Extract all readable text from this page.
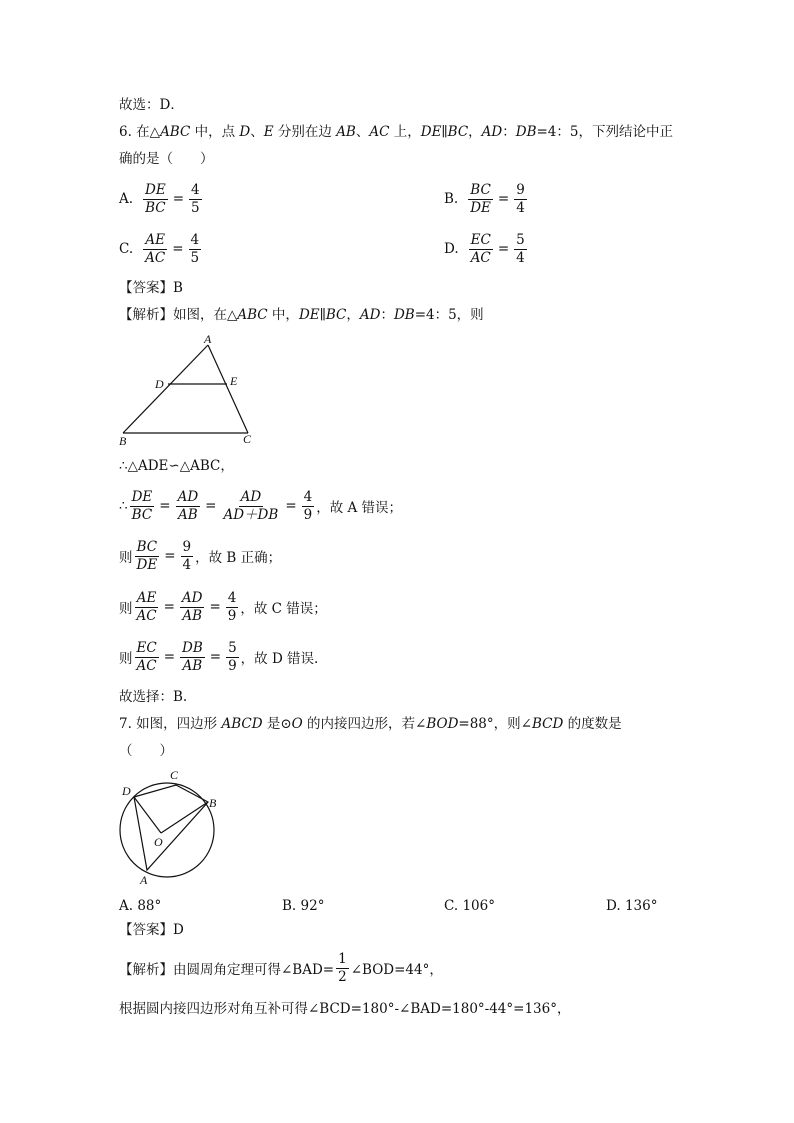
故选：D．
6. 在△ABC 中，点 D、E 分别在边 AB、AC 上，DE∥BC，AD：DB=4：5，下列结论中正
确的是（　　）
A. $\frac{DE}{BC} = \frac{4}{5}$	B. $\frac{BC}{DE} = \frac{9}{4}$
C. $\frac{AE}{AC} = \frac{4}{5}$	D. $\frac{EC}{AC} = \frac{5}{4}$
【答案】B
【解析】如图，在△ABC 中，DE∥BC，AD：DB=4：5，则
A
D	E
B	C
∴△ADE∽△ABC，
∴ $\frac{DE}{BC} = \frac{AD}{AB} = \frac{AD}{AD+DB} = \frac{4}{9}$ ，故 A 错误；
则 $\frac{BC}{DE} = \frac{9}{4}$ ，故 B 正确；
则 $\frac{AE}{AC} = \frac{AD}{AB} = \frac{4}{9}$ ，故 C 错误；
则 $\frac{EC}{AC} = \frac{DB}{AB} = \frac{5}{9}$ ，故 D 错误.
故选择：B.
7. 如图，四边形 ABCD 是⊙O 的内接四边形，若∠BOD=88°，则∠BCD 的度数是
（　　）
C
D
B
O
A
A. 88°	B. 92°	C. 106°	D. 136°
【答案】D
【解析】由圆周角定理可得∠BAD= $\frac{1}{2}$ ∠BOD=44°，
根据圆内接四边形对角互补可得∠BCD=180°-∠BAD=180°-44°=136°，
